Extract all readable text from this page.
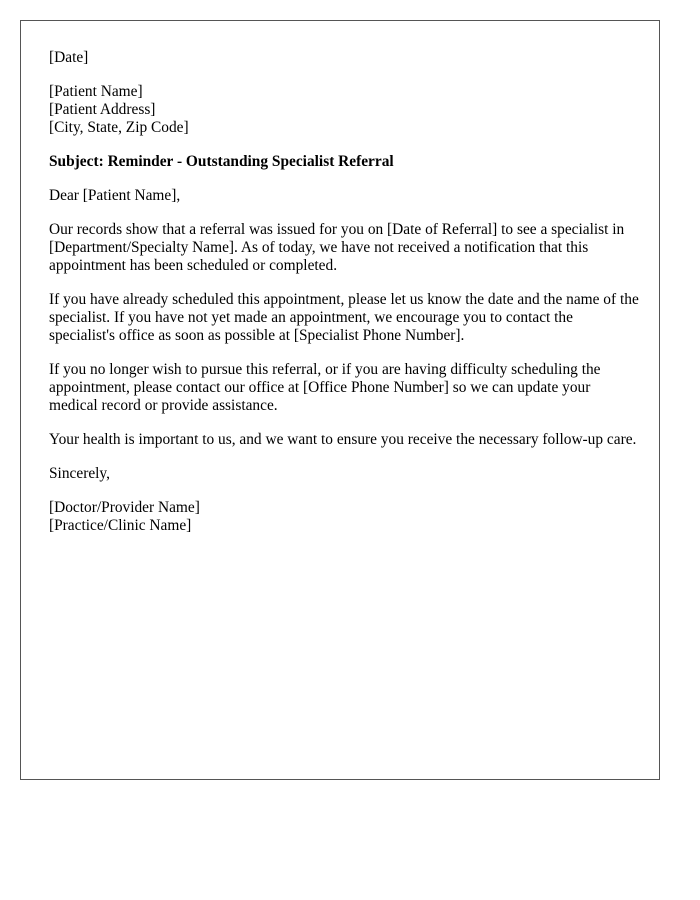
[Date]

[Patient Name]
[Patient Address]
[City, State, Zip Code]

Subject: Reminder - Outstanding Specialist Referral

Dear [Patient Name],

Our records show that a referral was issued for you on [Date of Referral] to see a specialist in [Department/Specialty Name]. As of today, we have not received a notification that this appointment has been scheduled or completed.

If you have already scheduled this appointment, please let us know the date and the name of the specialist. If you have not yet made an appointment, we encourage you to contact the specialist's office as soon as possible at [Specialist Phone Number].

If you no longer wish to pursue this referral, or if you are having difficulty scheduling the appointment, please contact our office at [Office Phone Number] so we can update your medical record or provide assistance.

Your health is important to us, and we want to ensure you receive the necessary follow-up care.

Sincerely,

[Doctor/Provider Name]
[Practice/Clinic Name]
